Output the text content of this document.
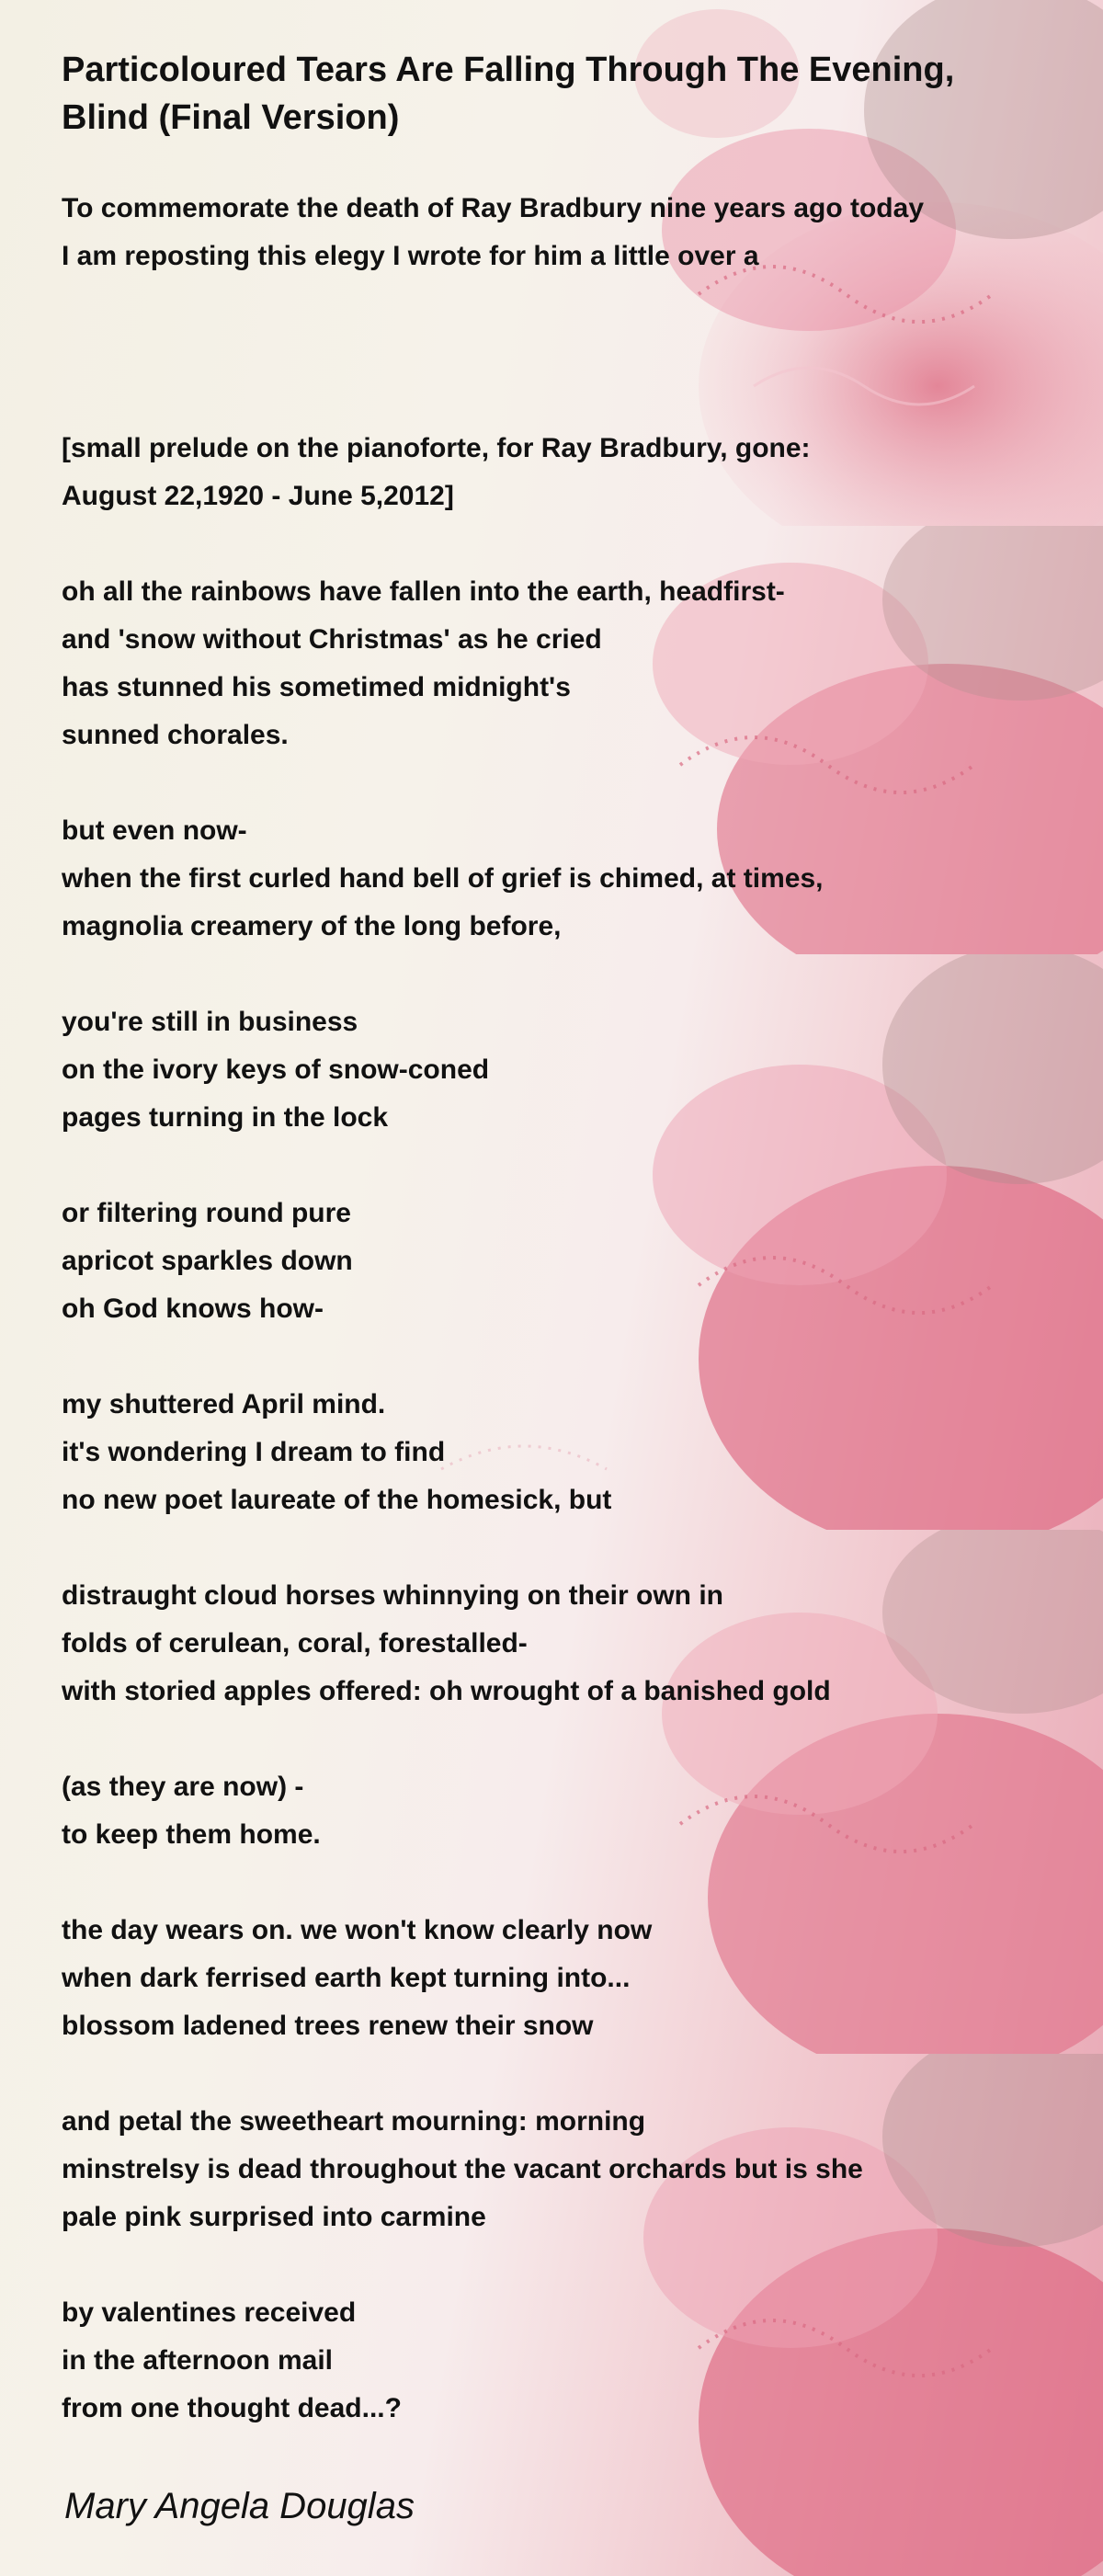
Particoloured Tears Are Falling Through The Evening, Blind (Final Version)
To commemorate the death of Ray Bradbury nine years ago today
I am reposting this elegy I wrote for him a little over a
[small prelude on the pianoforte, for Ray Bradbury, gone:
August 22,1920 - June 5,2012]
oh all the rainbows have fallen into the earth, headfirst-
and 'snow without Christmas' as he cried
has stunned his sometimed midnight's
sunned chorales.
but even now-
when the first curled hand bell of grief is chimed, at times,
magnolia creamery of the long before,
you're still in business
on the ivory keys of snow-coned
pages turning in the lock
or filtering round pure
apricot sparkles down
oh God knows how-
my shuttered April mind.
it's wondering I dream to find
no new poet laureate of the homesick, but
distraught cloud horses whinnying on their own in
folds of cerulean, coral, forestalled-
with storied apples offered: oh wrought of a banished gold
(as they are now) -
to keep them home.
the day wears on. we won't know clearly now
when dark ferrised earth kept turning into...
blossom ladened trees renew their snow
and petal the sweetheart mourning: morning
minstrelsy is dead throughout the vacant orchards but is she
pale pink surprised into carmine
by valentines received
in the afternoon mail
from one thought dead...?
Mary Angela Douglas
